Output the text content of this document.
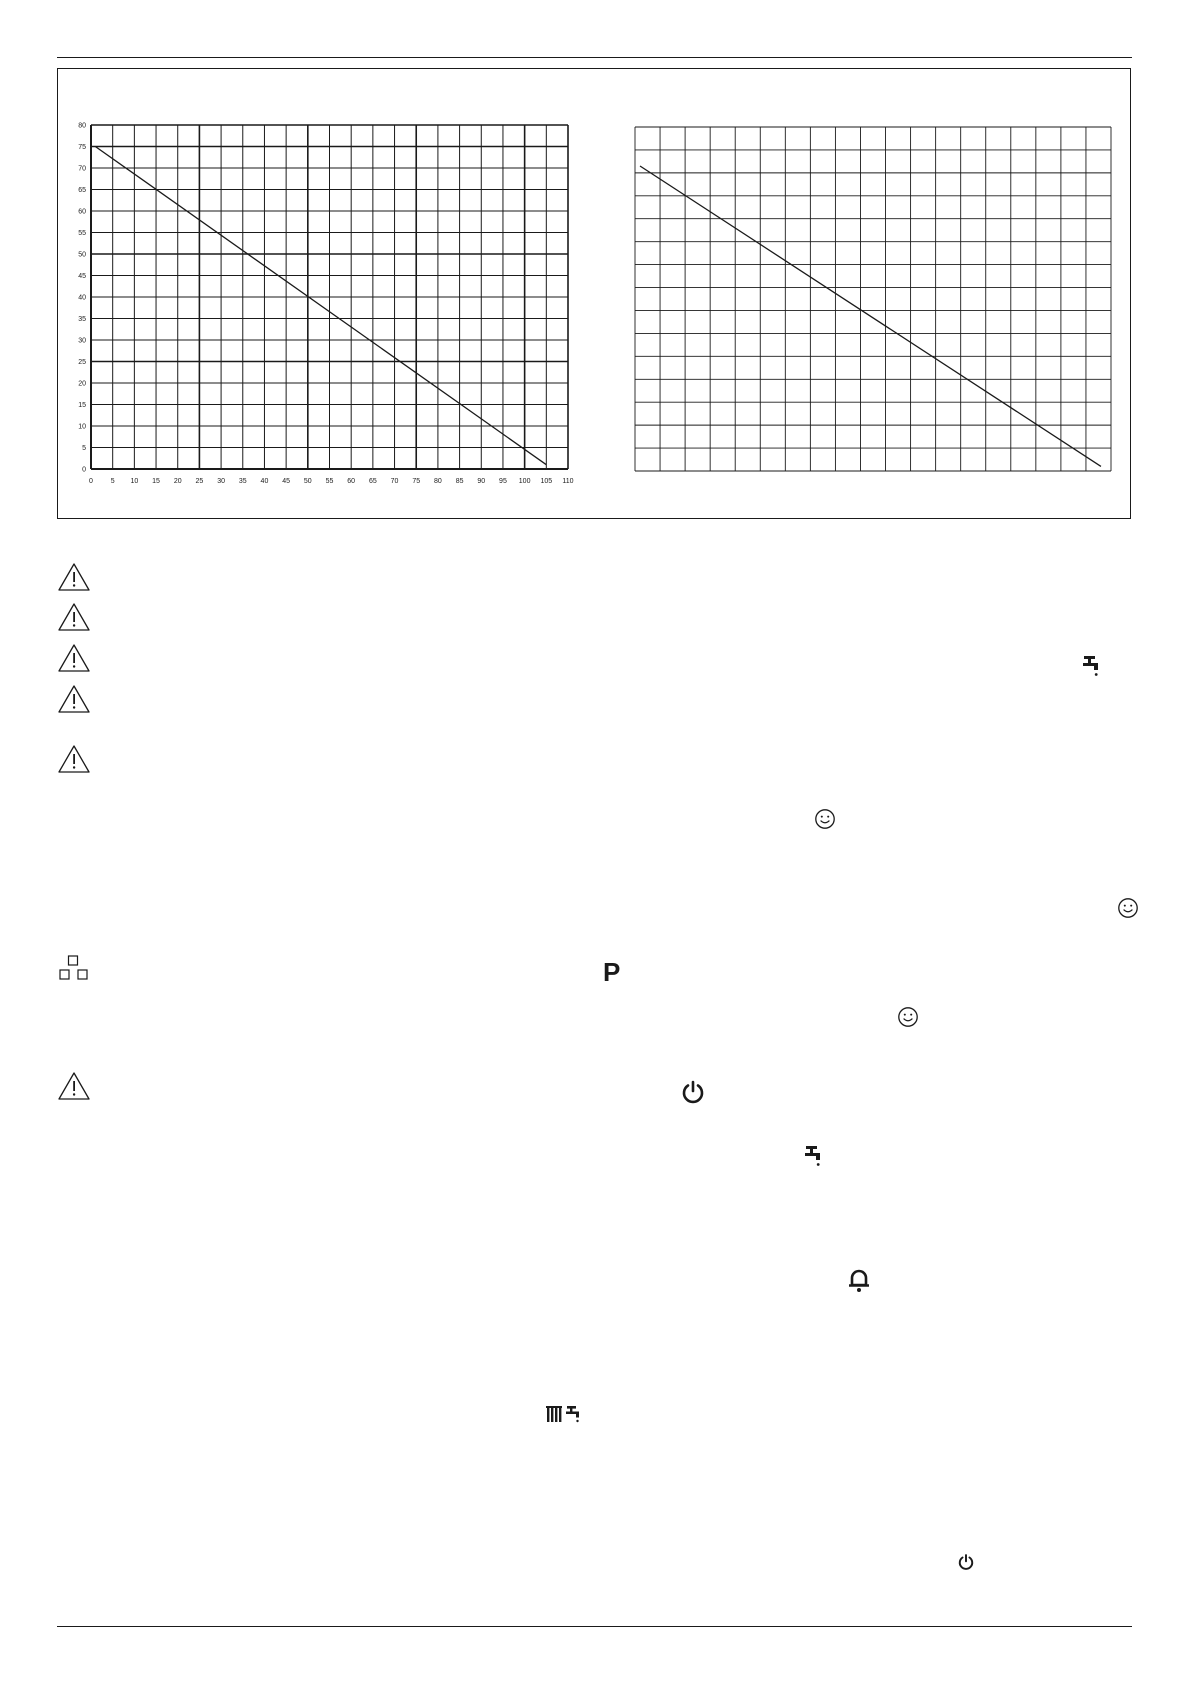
0	5 10 15 20 25 30 35 40 45 50 55 60 65 70 75 80 85 90 95 100 105 110
0
5
10
15
20
25
30
35
40
45
50
55
60
65
70
75
80
P
